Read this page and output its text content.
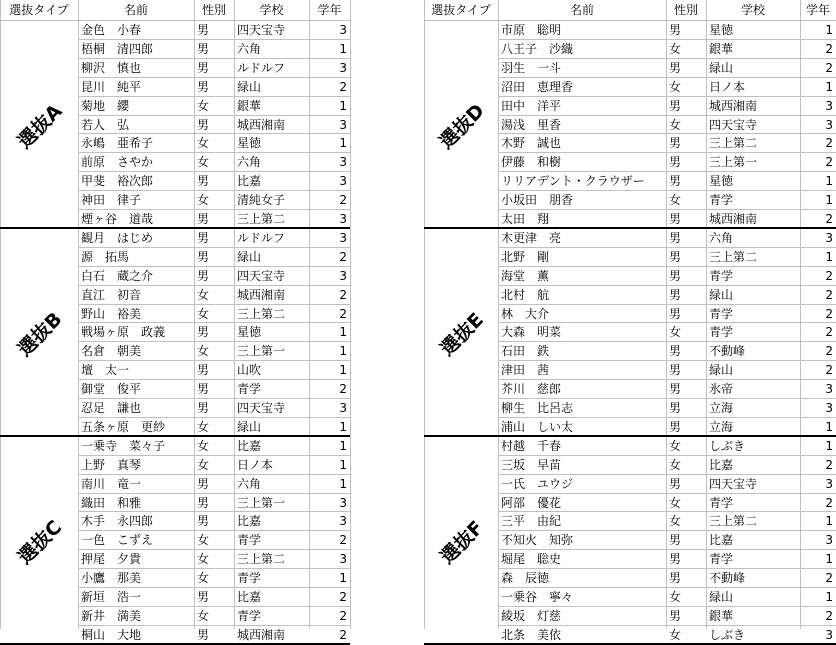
選抜タイプ	名前	性別	学校	学年
選抜A
金色　小春	男	四天宝寺	3
梧桐　清四郎	男	六角	1
柳沢　慎也	男	ルドルフ	3
昆川　純平	男	緑山	2
菊地　纓	女	銀華	1
若人　弘	男	城西湘南	3
永嶋　亜希子	女	星徳	1
前原　さやか	女	六角	3
甲斐　裕次郎	男	比嘉	3
神田　律子	女	清純女子	2
煙ヶ谷　道哉	男	三上第二	3
選抜B
観月　はじめ	男	ルドルフ	3
源　拓馬	男	緑山	2
白石　蔵之介	男	四天宝寺	3
直江　初音	女	城西湘南	2
野山　裕美	女	三上第二	2
戦場ヶ原　政義	男	星徳	1
名倉　朝美	女	三上第一	1
壇　太一	男	山吹	1
御堂　俊平	男	青学	2
忍足　謙也	男	四天宝寺	3
五条ヶ原　更紗	女	緑山	1
選抜C
一乗寺　菜々子	女	比嘉	1
上野　真琴	女	日ノ本	1
南川　竜一	男	六角	1
織田　和雅	男	三上第一	3
木手　永四郎	男	比嘉	3
一色　こずえ	女	青学	2
押尾　夕貴	女	三上第二	3
小鷹　那美	女	青学	1
新垣　浩一	男	比嘉	2
新井　満美	女	青学	2
桐山　大地	男	城西湘南	2
選抜タイプ	名前	性別	学校	学年
選抜D
市原　聡明	男	星徳	1
八王子　沙織	女	銀華	2
羽生　一斗	男	緑山	2
沼田　恵理香	女	日ノ本	1
田中　洋平	男	城西湘南	3
湯浅　里香	女	四天宝寺	3
木野　誠也	男	三上第二	2
伊藤　和樹	男	三上第一	2
リリアデント・クラウザー	男	星徳	1
小坂田　朋香	女	青学	1
太田　翔	男	城西湘南	2
選抜E
木更津　亮	男	六角	3
北野　剛	男	三上第二	1
海堂　薫	男	青学	2
北村　航	男	緑山	2
林　大介	男	青学	2
大森　明菜	女	青学	2
石田　鉄	男	不動峰	2
津田　茜	男	緑山	2
芥川　慈郎	男	氷帝	3
柳生　比呂志	男	立海	3
浦山　しい太	男	立海	1
選抜F
村越　千春	女	しぶき	1
三坂　早苗	女	比嘉	2
一氏　ユウジ	男	四天宝寺	3
阿部　優花	女	青学	2
三平　由紀	女	三上第二	1
不知火　知弥	男	比嘉	3
堀尾　聡史	男	青学	1
森　辰徳	男	不動峰	2
一乗谷　寧々	女	緑山	1
綾坂　灯慈	男	銀華	2
北条　美依	女	しぶき	3
